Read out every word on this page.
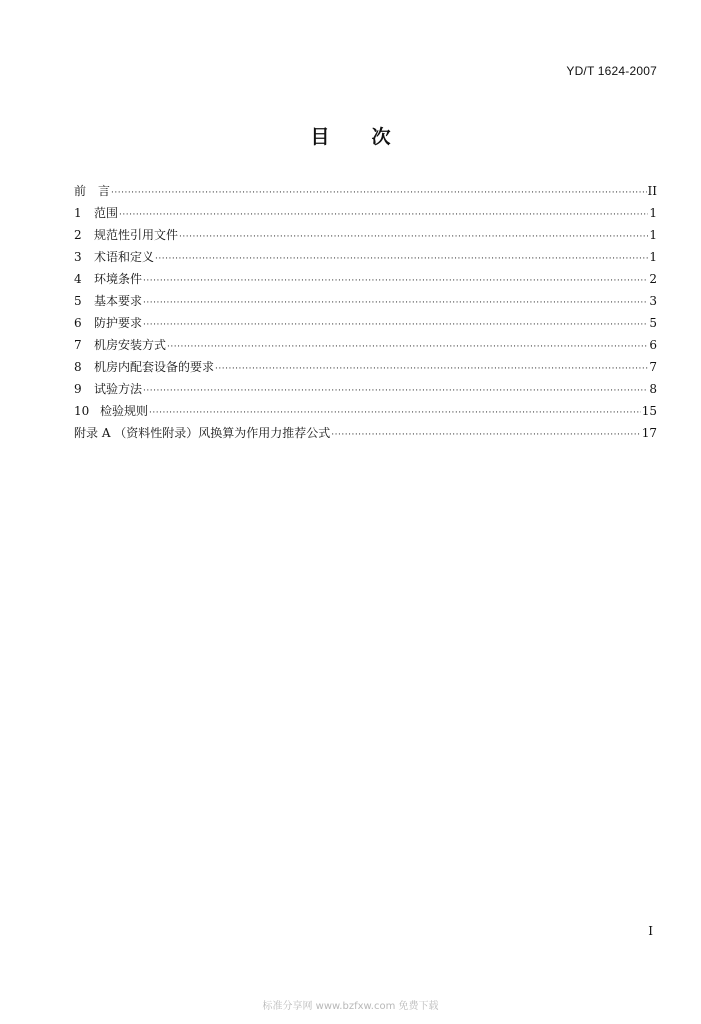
YD/T 1624-2007
目次
前　言 ·····	II
1	范围 ·····	1
2	规范性引用文件 ·····	1
3	术语和定义 ·····	1
4	环境条件 ·····	2
5	基本要求 ·····	3
6	防护要求 ·····	5
7	机房安装方式 ·····	6
8	机房内配套设备的要求 ·····	7
9	试验方法 ·····	8
10 检验规则 ·····	15
附录 A （资料性附录）风换算为作用力推荐公式 ·····	17
I
标准分享网 www.bzfxw.com 免费下载
